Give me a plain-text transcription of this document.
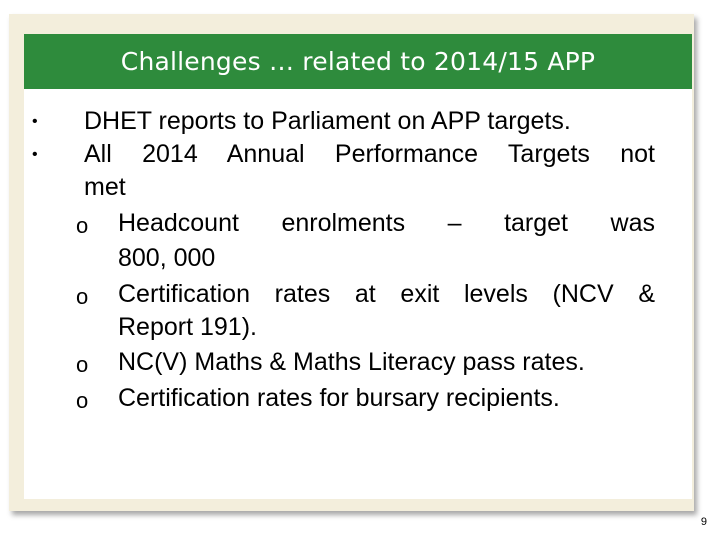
Challenges … related to 2014/15 APP
• DHET reports to Parliament on APP targets.
• All 2014 Annual Performance Targets not
met
o Headcount enrolments – target was
800, 000
o Certification rates at exit levels (NCV &
Report 191).
o NC(V) Maths & Maths Literacy pass rates.
o Certification rates for bursary recipients.
9
